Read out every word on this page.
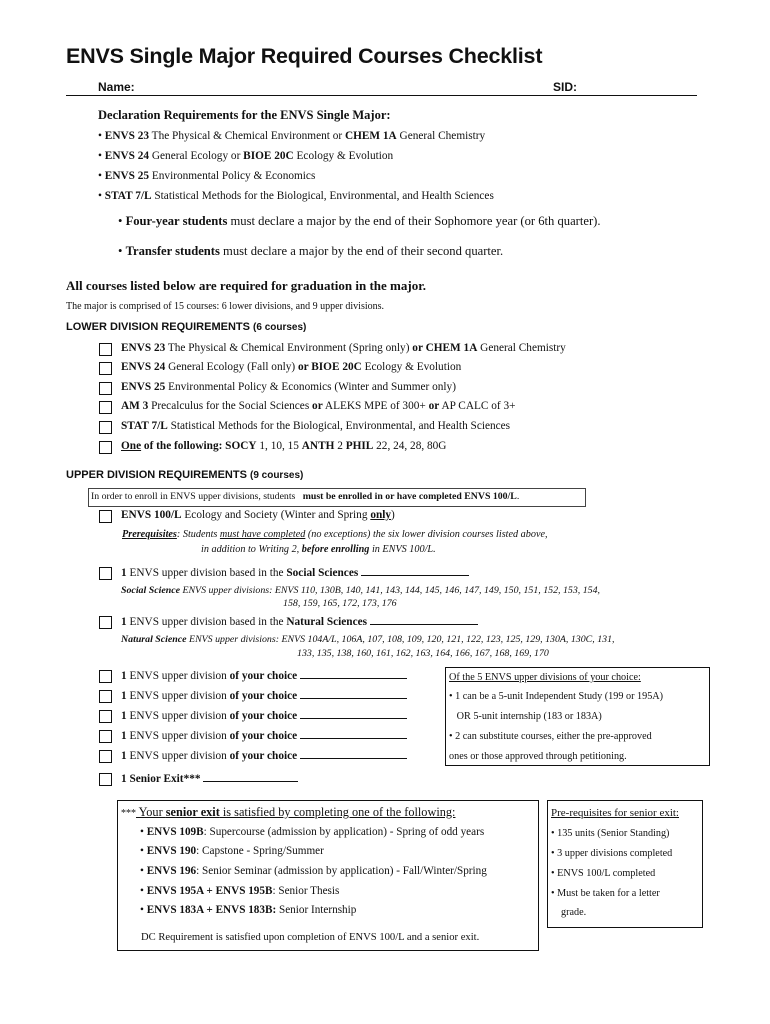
ENVS Single Major Required Courses Checklist
Name:	SID:
Declaration Requirements for the ENVS Single Major:
• ENVS 23 The Physical & Chemical Environment or CHEM 1A General Chemistry
• ENVS 24 General Ecology or BIOE 20C Ecology & Evolution
• ENVS 25 Environmental Policy & Economics
• STAT 7/L Statistical Methods for the Biological, Environmental, and Health Sciences
• Four-year students must declare a major by the end of their Sophomore year (or 6th quarter).
• Transfer students must declare a major by the end of their second quarter.
All courses listed below are required for graduation in the major.
The major is comprised of 15 courses: 6 lower divisions, and 9 upper divisions.
LOWER DIVISION REQUIREMENTS (6 courses)
ENVS 23 The Physical & Chemical Environment (Spring only) or CHEM 1A General Chemistry
ENVS 24 General Ecology (Fall only) or BIOE 20C Ecology & Evolution
ENVS 25 Environmental Policy & Economics (Winter and Summer only)
AM 3 Precalculus for the Social Sciences or ALEKS MPE of 300+ or AP CALC of 3+
STAT 7/L Statistical Methods for the Biological, Environmental, and Health Sciences
One of the following: SOCY 1, 10, 15 ANTH 2 PHIL 22, 24, 28, 80G
UPPER DIVISION REQUIREMENTS (9 courses)
In order to enroll in ENVS upper divisions, students must be enrolled in or have completed ENVS 100/L.
ENVS 100/L Ecology and Society (Winter and Spring only)
Prerequisites: Students must have completed (no exceptions) the six lower division courses listed above,
in addition to Writing 2, before enrolling in ENVS 100/L.
1 ENVS upper division based in the Social Sciences
Social Science ENVS upper divisions: ENVS 110, 130B, 140, 141, 143, 144, 145, 146, 147, 149, 150, 151, 152, 153, 154,
158, 159, 165, 172, 173, 176
1 ENVS upper division based in the Natural Sciences
Natural Science ENVS upper divisions: ENVS 104A/L, 106A, 107, 108, 109, 120, 121, 122, 123, 125, 129, 130A, 130C, 131,
133, 135, 138, 160, 161, 162, 163, 164, 166, 167, 168, 169, 170
1 ENVS upper division of your choice
1 ENVS upper division of your choice
1 ENVS upper division of your choice
1 ENVS upper division of your choice
1 ENVS upper division of your choice
Of the 5 ENVS upper divisions of your choice:
• 1 can be a 5-unit Independent Study (199 or 195A)
OR 5-unit internship (183 or 183A)
• 2 can substitute courses, either the pre-approved
ones or those approved through petitioning.
1 Senior Exit***
*** Your senior exit is satisfied by completing one of the following:
• ENVS 109B: Supercourse (admission by application) - Spring of odd years
• ENVS 190: Capstone - Spring/Summer
• ENVS 196: Senior Seminar (admission by application) - Fall/Winter/Spring
• ENVS 195A + ENVS 195B: Senior Thesis
• ENVS 183A + ENVS 183B: Senior Internship
DC Requirement is satisfied upon completion of ENVS 100/L and a senior exit.
Pre-requisites for senior exit:
• 135 units (Senior Standing)
• 3 upper divisions completed
• ENVS 100/L completed
• Must be taken for a letter
grade.
